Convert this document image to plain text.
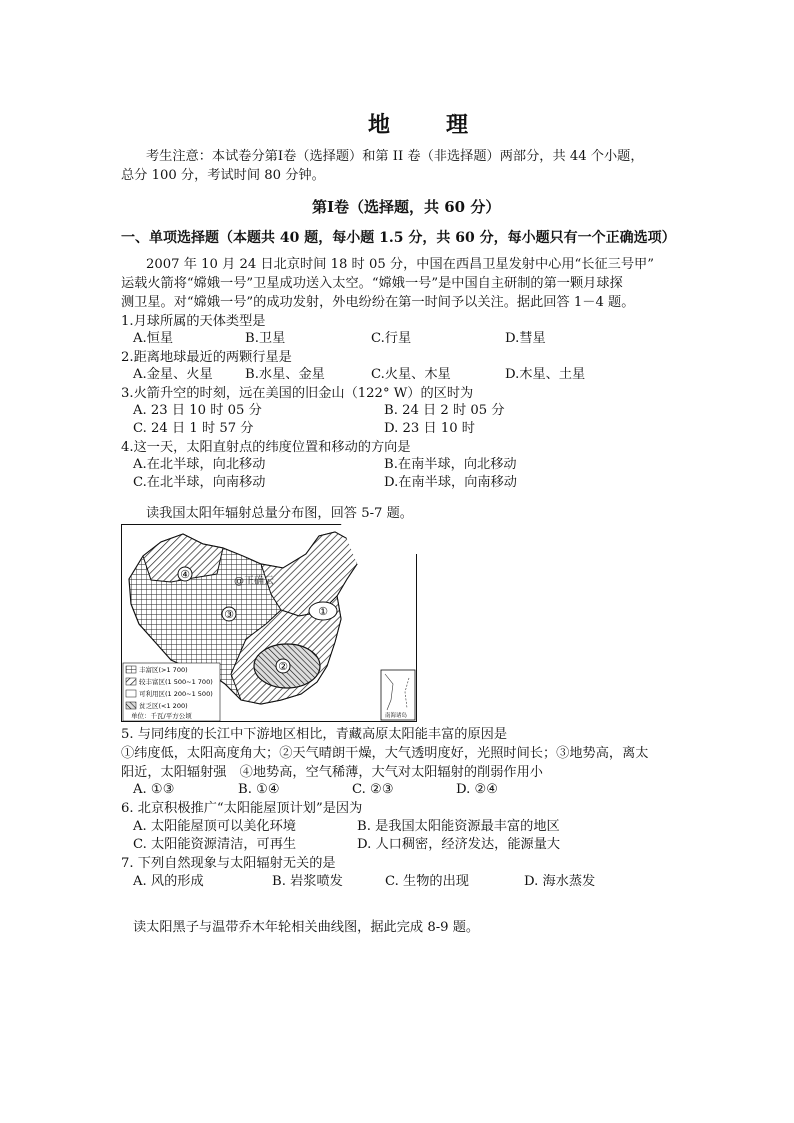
地	理
考生注意：本试卷分第Ⅰ卷（选择题）和第 II 卷（非选择题）两部分，共 44 个小题，
总分 100 分，考试时间 80 分钟。
第Ⅰ卷（选择题，共 60 分）
一、单项选择题（本题共 40 题，每小题 1.5 分，共 60 分，每小题只有一个正确选项）
2007 年 10 月 24 日北京时间 18 时 05 分，中国在西昌卫星发射中心用“长征三号甲”
运载火箭将“嫦娥一号”卫星成功送入太空。“嫦娥一号”是中国自主研制的第一颗月球探
测卫星。对“嫦娥一号”的成功发射，外电纷纷在第一时间予以关注。据此回答 1－4 题。
1.月球所属的天体类型是
A.恒星	B.卫星	C.行星	D.彗星
2.距离地球最近的两颗行星是
A.金星、火星 B.水星、金星	C.火星、木星	D.木星、土星
3.火箭升空的时刻，远在美国的旧金山（122° W）的区时为
A. 23 日 10 时 05 分	B. 24 日 2 时 05 分
C. 24 日 1 时 57 分	D. 23 日 10 时
4.这一天，太阳直射点的纬度位置和移动的方向是
A.在北半球，向北移动	B.在南半球，向北移动
C.在北半球，向南移动	D.在南半球，向南移动
读我国太阳年辐射总量分布图，回答 5-7 题。
④
③	①
②
@正确云
丰富区(>1 700)
较丰富区(1 500~1 700)
可利用区(1 200~1 500)
贫乏区(<1 200)
单位：千瓦/平方公顷	南海诸岛
5. 与同纬度的长江中下游地区相比，青藏高原太阳能丰富的原因是
①纬度低，太阳高度角大；②天气晴朗干燥，大气透明度好，光照时间长；③地势高，离太
阳近，太阳辐射强　④地势高，空气稀薄，大气对太阳辐射的削弱作用小
A. ①③	B. ①④	C. ②③	D. ②④
6. 北京积极推广“太阳能屋顶计划”是因为
A. 太阳能屋顶可以美化环境	B. 是我国太阳能资源最丰富的地区
C. 太阳能资源清洁，可再生	D. 人口稠密，经济发达，能源量大
7. 下列自然现象与太阳辐射无关的是
A. 风的形成	B. 岩浆喷发	C. 生物的出现	D. 海水蒸发
读太阳黑子与温带乔木年轮相关曲线图，据此完成 8-9 题。
